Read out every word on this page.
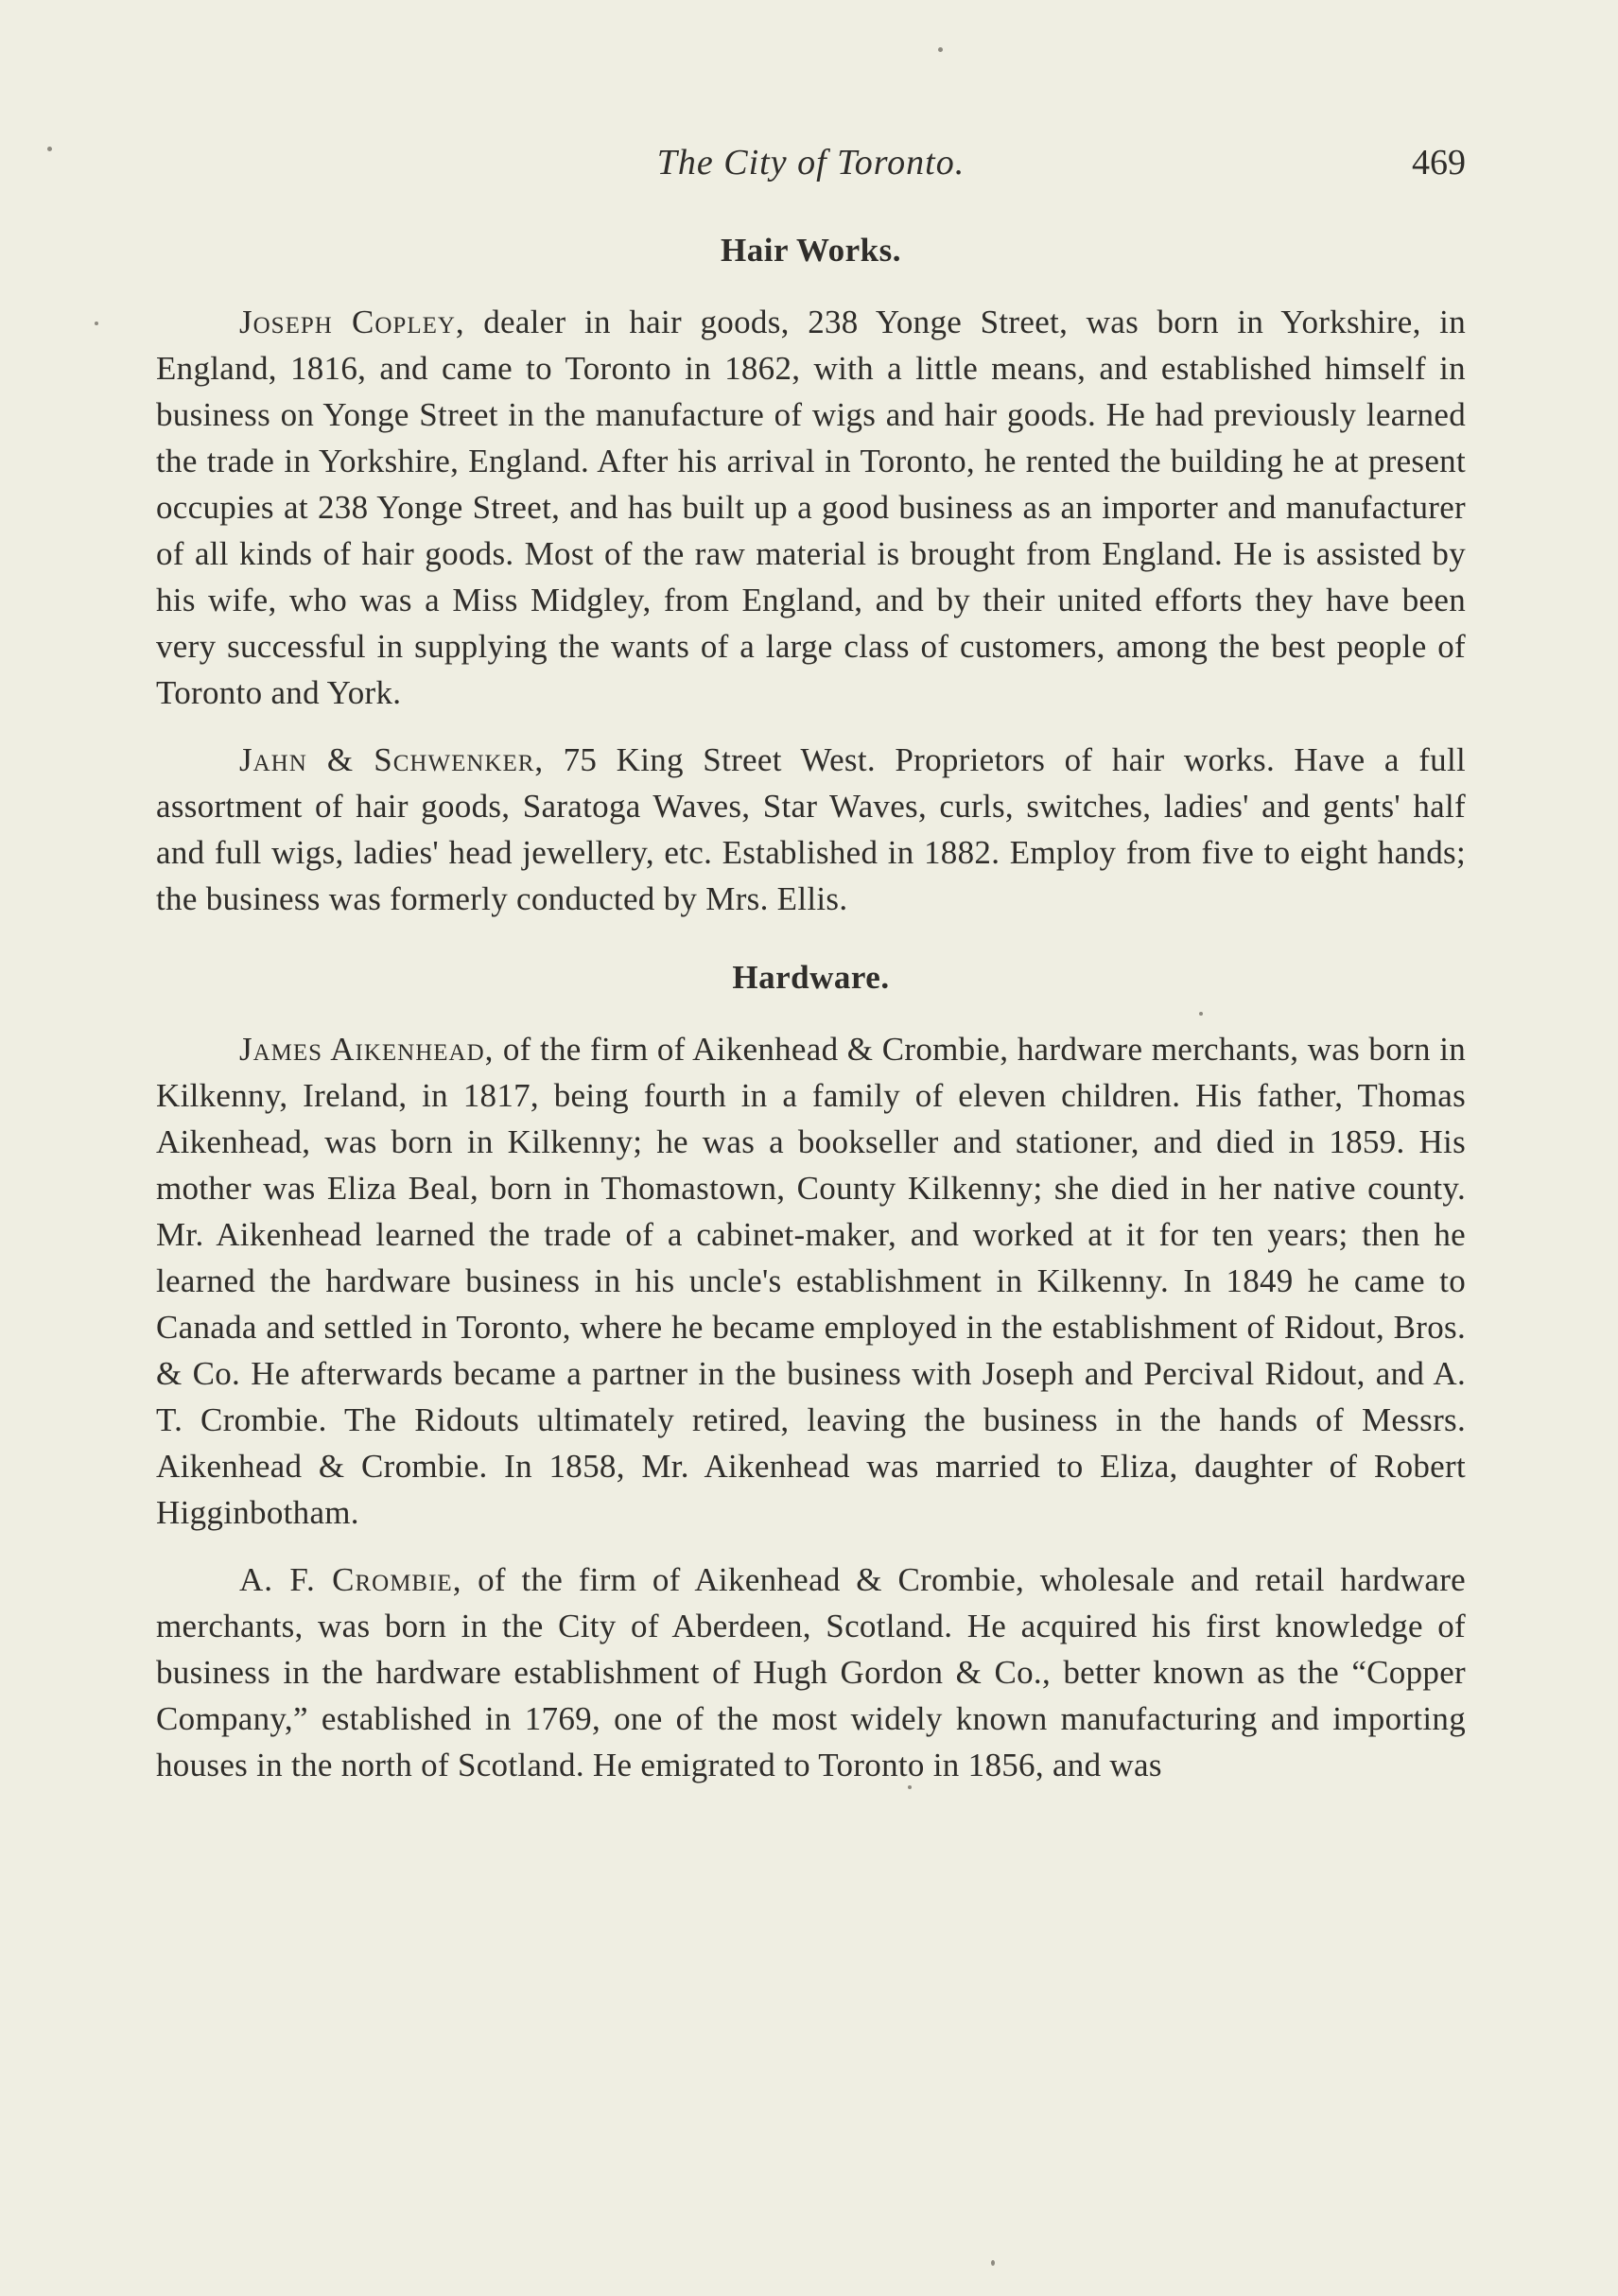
The City of Toronto.	469
Hair Works.

Joseph Copley, dealer in hair goods, 238 Yonge Street, was born in Yorkshire, in England, 1816, and came to Toronto in 1862, with a little means, and established himself in business on Yonge Street in the manufacture of wigs and hair goods. He had previously learned the trade in Yorkshire, England. After his arrival in Toronto, he rented the building he at present occupies at 238 Yonge Street, and has built up a good business as an importer and manufacturer of all kinds of hair goods. Most of the raw material is brought from England. He is assisted by his wife, who was a Miss Midgley, from England, and by their united efforts they have been very successful in supplying the wants of a large class of customers, among the best people of Toronto and York.

Jahn & Schwenker, 75 King Street West. Proprietors of hair works. Have a full assortment of hair goods, Saratoga Waves, Star Waves, curls, switches, ladies' and gents' half and full wigs, ladies' head jewellery, etc. Established in 1882. Employ from five to eight hands; the business was formerly conducted by Mrs. Ellis.

Hardware.

James Aikenhead, of the firm of Aikenhead & Crombie, hardware merchants, was born in Kilkenny, Ireland, in 1817, being fourth in a family of eleven children. His father, Thomas Aikenhead, was born in Kilkenny; he was a bookseller and stationer, and died in 1859. His mother was Eliza Beal, born in Thomastown, County Kilkenny; she died in her native county. Mr. Aikenhead learned the trade of a cabinet-maker, and worked at it for ten years; then he learned the hardware business in his uncle's establishment in Kilkenny. In 1849 he came to Canada and settled in Toronto, where he became employed in the establishment of Ridout, Bros. & Co. He afterwards became a partner in the business with Joseph and Percival Ridout, and A. T. Crombie. The Ridouts ultimately retired, leaving the business in the hands of Messrs. Aikenhead & Crombie. In 1858, Mr. Aikenhead was married to Eliza, daughter of Robert Higginbotham.

A. F. Crombie, of the firm of Aikenhead & Crombie, wholesale and retail hardware merchants, was born in the City of Aberdeen, Scotland. He acquired his first knowledge of business in the hardware establishment of Hugh Gordon & Co., better known as the “Copper Company,” established in 1769, one of the most widely known manufacturing and importing houses in the north of Scotland. He emigrated to Toronto in 1856, and was
